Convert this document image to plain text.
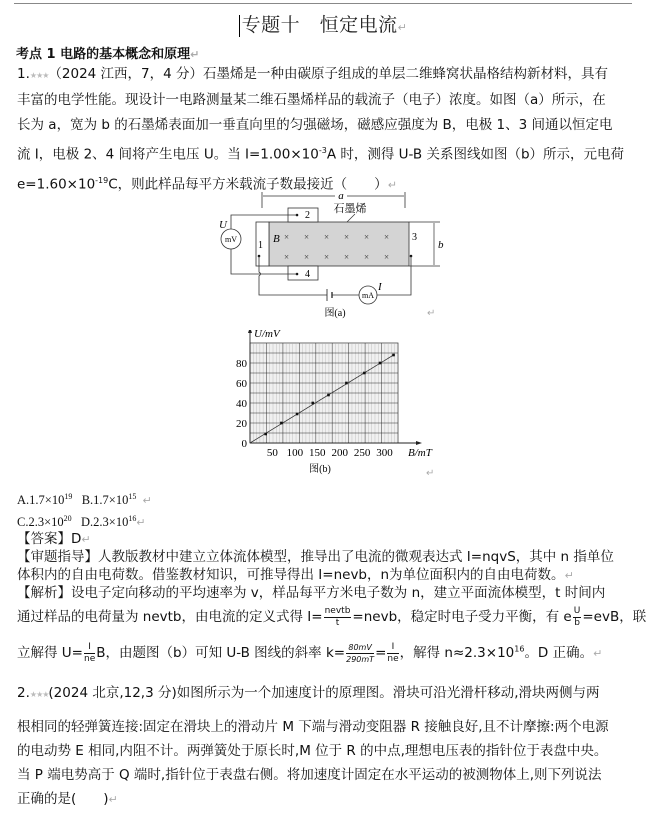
专题十　恒定电流↵
考点 1 电路的基本概念和原理↵
1.★★★（2024 江西，7，4 分）石墨烯是一种由碳原子组成的单层二维蜂窝状晶格结构新材料，具有
丰富的电学性能。现设计一电路测量某二维石墨烯样品的载流子（电子）浓度。如图（a）所示，在
长为 a，宽为 b 的石墨烯表面加一垂直向里的匀强磁场，磁感应强度为 B，电极 1、3 间通以恒定电
流 I，电极 2、4 间将产生电压 U。当 $I=1.00\times 10^{-3}A$ 时，测得 U-B 关系图线如图（b）所示，元电荷
$e=1.60\times 10^{-19}C$，则此样品每平方米载流子数最接近（　　）↵
a
石墨烯
b
3
1
2
4
B × × × × × ×
× × × × × ×
mV
U
mA
I
图(a)	↵
50 100 150 200 250 300
0
20
40
60
80
B/mT
U/mV
图(b)	↵
$A.1.7\times 10^{19}$ $B.1.7\times 10^{15}$ ↵
$C.2.3\times 10^{20}$ $D.2.3\times 10^{16}↵$
【答案】D↵
【审题指导】人教版教材中建立立体流体模型，推导出了电流的微观表达式 I=nqvS，其中 n 指单位
体积内的自由电荷数。借鉴教材知识，可推导得出 I=nevb，n为单位面积内的自由电荷数。↵
【解析】设电子定向移动的平均速率为 v，样品每平方米电子数为 n，建立平面流体模型，t 时间内
通过样品的电荷量为 nevtb，由电流的定义式得 $I= \frac{\text{nevtb}}{t}$ =nevb，稳定时电子受力平衡，有 e $\frac{U}{b} =evB$，联
立解得 $U= \frac{I}{ne}$ B，由题图（b）可知 U-B 图线的斜率 $k= \frac{80mV}{290mT} = \frac{I}{ne}$ ，解得 $n\approx 2.3\times 10^{16}$。D 正确。↵
2.★★★(2024 北京,12,3 分)如图所示为一个加速度计的原理图。滑块可沿光滑杆移动,滑块两侧与两
根相同的轻弹簧连接:固定在滑块上的滑动片 M 下端与滑动变阻器 R 接触良好,且不计摩擦:两个电源
的电动势 E 相同,内阻不计。两弹簧处于原长时,M 位于 R 的中点,理想电压表的指针位于表盘中央。
当 P 端电势高于 Q 端时,指针位于表盘右侧。将加速度计固定在水平运动的被测物体上,则下列说法
正确的是(　　)↵
